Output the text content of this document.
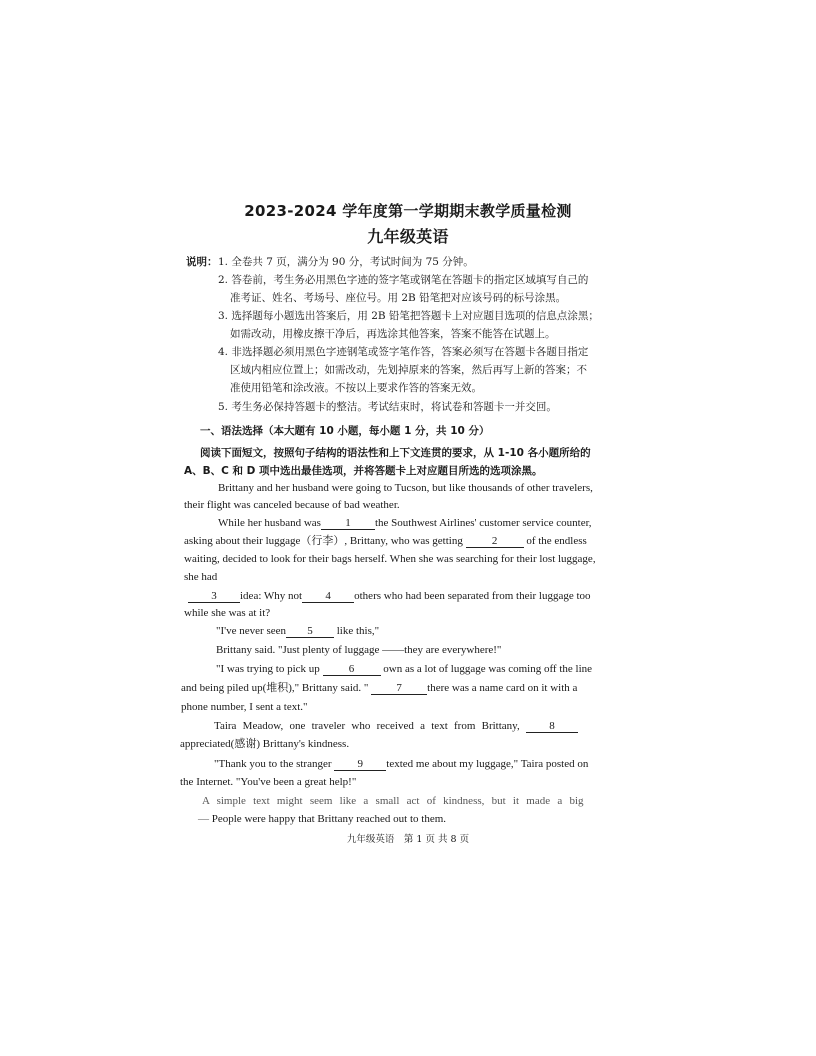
2023-2024 学年度第一学期期末教学质量检测
九年级英语
说明： 1. 全卷共 7 页，满分为 90 分，考试时间为 75 分钟。
2. 答卷前，考生务必用黑色字迹的签字笔或钢笔在答题卡的指定区域填写自己的
准考证、姓名、考场号、座位号。用 2B 铅笔把对应该号码的标号涂黑。
3. 选择题每小题选出答案后，用 2B 铅笔把答题卡上对应题目选项的信息点涂黑；
如需改动，用橡皮擦干净后，再选涂其他答案，答案不能答在试题上。
4. 非选择题必须用黑色字迹钢笔或签字笔作答，答案必须写在答题卡各题目指定
区域内相应位置上；如需改动，先划掉原来的答案，然后再写上新的答案；不
准使用铅笔和涂改液。不按以上要求作答的答案无效。
5. 考生务必保持答题卡的整洁。考试结束时，将试卷和答题卡一并交回。
一、语法选择（本大题有 10 小题，每小题 1 分，共 10 分）
阅读下面短文，按照句子结构的语法性和上下文连贯的要求，从 1-10 各小题所给的
A、B、C 和 D 项中选出最佳选项，并将答题卡上对应题目所选的选项涂黑。
Brittany and her husband were going to Tucson, but like thousands of other travelers,
their flight was canceled because of bad weather.
While her husband was 1 the Southwest Airlines' customer service counter,
asking about their luggage（行李）, Brittany, who was getting	2	of the endless
waiting, decided to look for their bags herself. When she was searching for their lost luggage,
she had
3 idea: Why not 4 others who had been separated from their luggage too
while she was at it?
"I've never seen 5 like this,"
Brittany said. "Just plenty of luggage ——they are everywhere!"
"I was trying to pick up	6	own as a lot of luggage was coming off the line
and being piled up(堆积)," Brittany said. "	7 there was a name card on it with a
phone number, I sent a text."
Taira Meadow, one traveler who received a text from Brittany,	8
appreciated(感谢) Brittany's kindness.
"Thank you to the stranger 9 texted me about my luggage," Taira posted on
the Internet. "You've been a great help!"
A simple text might seem like a small act of kindness, but it made a big
— People were happy that Brittany reached out to them.
九年级英语　第 1 页 共 8 页
